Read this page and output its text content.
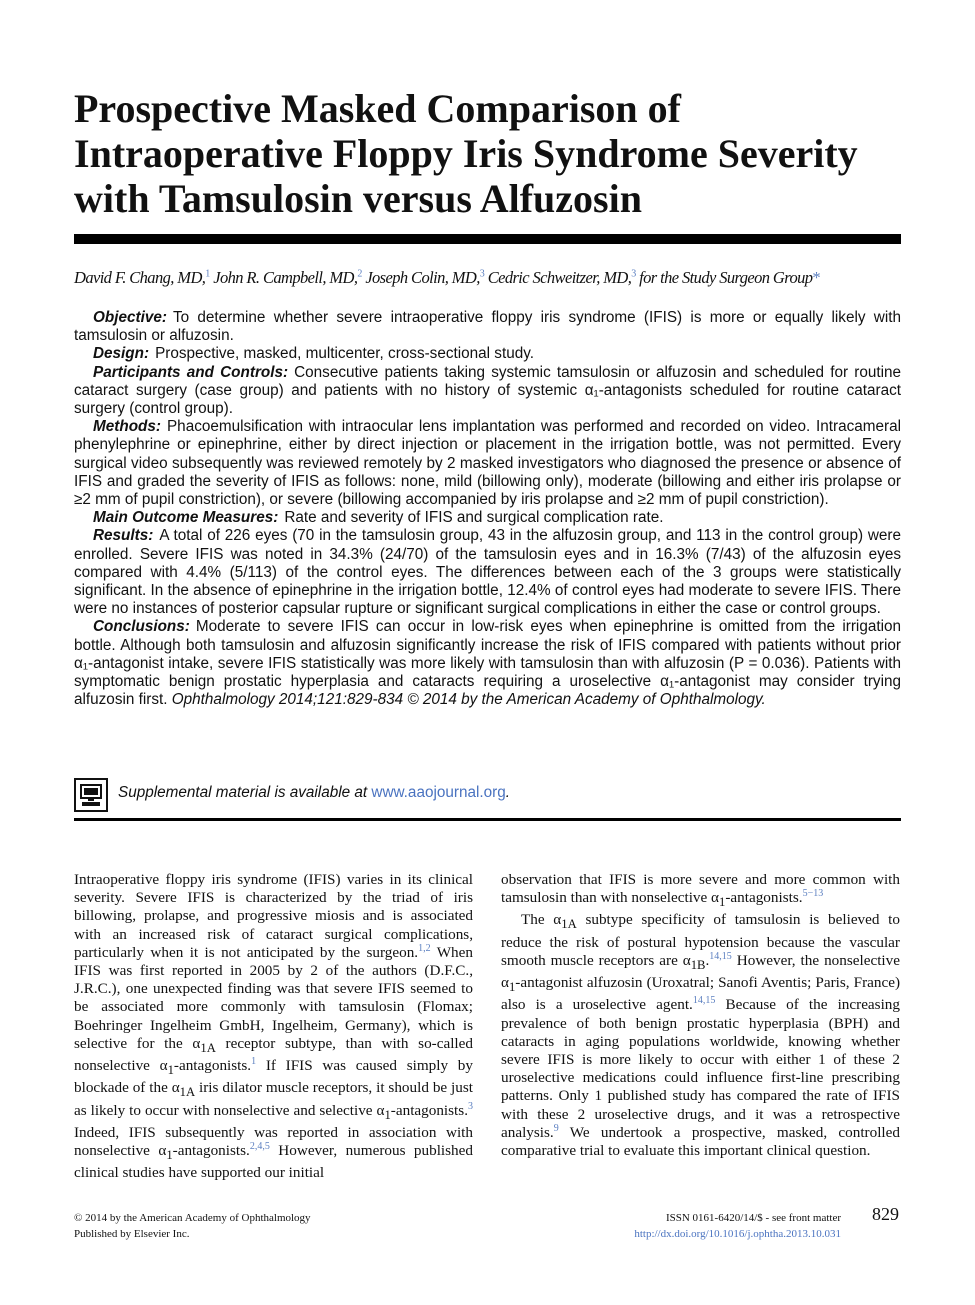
Prospective Masked Comparison of
Intraoperative Floppy Iris Syndrome Severity
with Tamsulosin versus Alfuzosin
David F. Chang, MD,$^1$ John R. Campbell, MD,$^2$ Joseph Colin, MD,$^3$ Cedric Schweitzer, MD,$^3$ for the Study Surgeon Group*

Objective: To determine whether severe intraoperative floppy iris syndrome (IFIS) is more or equally likely with tamsulosin or alfuzosin.

Design: Prospective, masked, multicenter, cross-sectional study.

Participants and Controls: Consecutive patients taking systemic tamsulosin or alfuzosin and scheduled for routine cataract surgery (case group) and patients with no history of systemic α₁-antagonists scheduled for routine cataract surgery (control group).

Methods: Phacoemulsification with intraocular lens implantation was performed and recorded on video. Intracameral phenylephrine or epinephrine, either by direct injection or placement in the irrigation bottle, was not permitted. Every surgical video subsequently was reviewed remotely by 2 masked investigators who diagnosed the presence or absence of IFIS and graded the severity of IFIS as follows: none, mild (billowing only), moderate (billowing and either iris prolapse or ≥2 mm of pupil constriction), or severe (billowing accompanied by iris prolapse and ≥2 mm of pupil constriction).

Main Outcome Measures: Rate and severity of IFIS and surgical complication rate.

Results: A total of 226 eyes (70 in the tamsulosin group, 43 in the alfuzosin group, and 113 in the control group) were enrolled. Severe IFIS was noted in 34.3% (24/70) of the tamsulosin eyes and in 16.3% (7/43) of the alfuzosin eyes compared with 4.4% (5/113) of the control eyes. The differences between each of the 3 groups were statistically significant. In the absence of epinephrine in the irrigation bottle, 12.4% of control eyes had moderate to severe IFIS. There were no instances of posterior capsular rupture or significant surgical complications in either the case or control groups.

Conclusions: Moderate to severe IFIS can occur in low-risk eyes when epinephrine is omitted from the irrigation bottle. Although both tamsulosin and alfuzosin significantly increase the risk of IFIS compared with patients without prior α₁-antagonist intake, severe IFIS statistically was more likely with tamsulosin than with alfuzosin (P = 0.036). Patients with symptomatic benign prostatic hyperplasia and cataracts requiring a uroselective α₁-antagonist may consider trying alfuzosin first. Ophthalmology 2014;121:829-834 © 2014 by the American Academy of Ophthalmology.

Supplemental material is available at www.aaojournal.org.

Intraoperative floppy iris syndrome (IFIS) varies in its clinical severity. Severe IFIS is characterized by the triad of iris billowing, prolapse, and progressive miosis and is associated with an increased risk of cataract surgical complications, particularly when it is not anticipated by the surgeon.$^{1,2}$ When IFIS was first reported in 2005 by 2 of the authors (D.F.C., J.R.C.), one unexpected finding was that severe IFIS seemed to be associated more commonly with tamsulosin (Flomax; Boehringer Ingelheim GmbH, Ingelheim, Germany), which is selective for the $\alpha_{1A}$ receptor subtype, than with so-called nonselective $\alpha_1-antagonists.^1$ If IFIS was caused simply by blockade of the $\alpha_{1A}$ iris dilator muscle receptors, it should be just as likely to occur with nonselective and selective $\alpha_1-antagonists.^3$ Indeed, IFIS subsequently was reported in association with nonselective $\alpha_1-antagonists.^{2,4,5}$ However, numerous published clinical studies have supported our initial

observation that IFIS is more severe and more common with tamsulosin than with nonselective $\alpha_1-antagonists.^{5-13}$

The $\alpha_{1A}$ subtype specificity of tamsulosin is believed to reduce the risk of postural hypotension because the vascular smooth muscle receptors are $\alpha_{1B}.^{14,15}$ However, the nonselective $\alpha_1$-antagonist alfuzosin (Uroxatral; Sanofi Aventis; Paris, France) also is a uroselective agent.$^{14,15}$ Because of the increasing prevalence of both benign prostatic hyperplasia (BPH) and cataracts in aging populations worldwide, knowing whether severe IFIS is more likely to occur with either 1 of these 2 uroselective medications could influence first-line prescribing patterns. Only 1 published study has compared the rate of IFIS with these 2 uroselective drugs, and it was a retrospective analysis.$^9$ We undertook a prospective, masked, controlled comparative trial to evaluate this important clinical question.

© 2014 by the American Academy of Ophthalmology
Published by Elsevier Inc.
ISSN 0161-6420/14/$ - see front matter
http://dx.doi.org/10.1016/j.ophtha.2013.10.031
829
